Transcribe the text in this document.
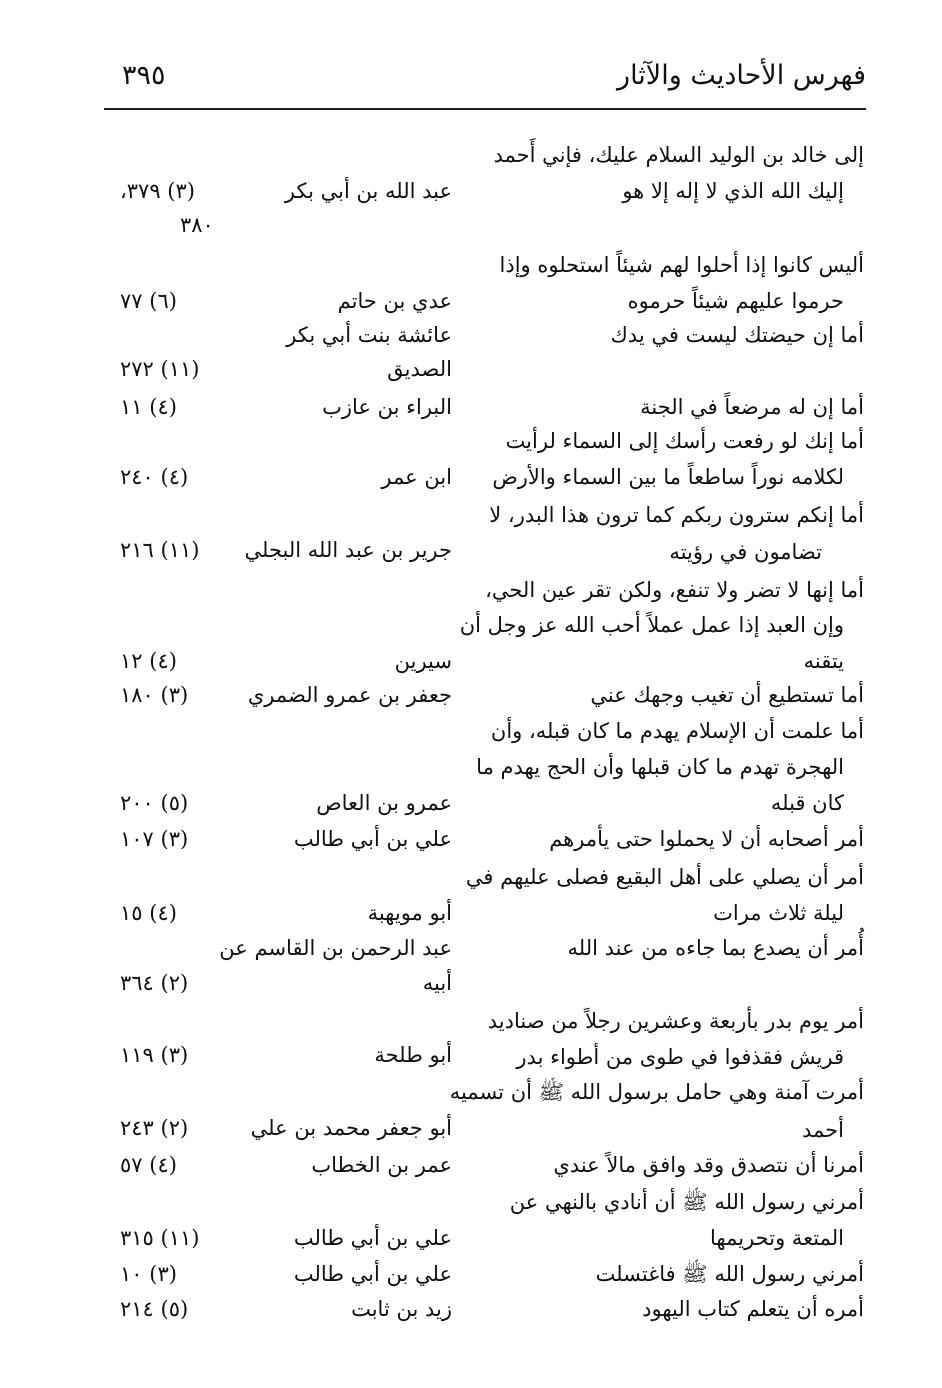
فهرس الأحاديث والآثار
٣٩٥
إلى خالد بن الوليد السلام عليك، فإني أَحمد
إليك الله الذي لا إله إلا هو
عبد الله بن أبي بكر
(٣) ٣٧٩،
٣٨٠
أليس كانوا إذا أحلوا لهم شيئاً استحلوه وإذا
حرموا عليهم شيئاً حرموه
عدي بن حاتم
(٦) ٧٧
أما إن حيضتك ليست في يدك
عائشة بنت أبي بكر
الصديق
(١١) ٢٧٢
أما إن له مرضعاً في الجنة
البراء بن عازب
(٤) ١١
أما إنك لو رفعت رأسك إلى السماء لرأيت
لكلامه نوراً ساطعاً ما بين السماء والأرض
ابن عمر
(٤) ٢٤٠
أما إنكم سترون ربكم كما ترون هذا البدر، لا
جرير بن عبد الله البجلي
(١١) ٢١٦	تضامون في رؤيته
أما إنها لا تضر ولا تنفع، ولكن تقر عين الحي،
وإن العبد إذا عمل عملاً أحب الله عز وجل أن
يتقنه
سيرين
(٤) ١٢
أما تستطيع أن تغيب وجهك عني
جعفر بن عمرو الضمري
(٣) ١٨٠
أما علمت أن الإسلام يهدم ما كان قبله، وأن
الهجرة تهدم ما كان قبلها وأن الحج يهدم ما
كان قبله
عمرو بن العاص
(٥) ٢٠٠
أمر أصحابه أن لا يحملوا حتى يأمرهم
علي بن أبي طالب
(٣) ١٠٧
أمر أن يصلي على أهل البقيع فصلى عليهم في
ليلة ثلاث مرات
أبو مويهبة
(٤) ١٥
أُمر أن يصدع بما جاءه من عند الله
عبد الرحمن بن القاسم عن
أبيه
(٢) ٣٦٤
أمر يوم بدر بأربعة وعشرين رجلاً من صناديد
قريش فقذفوا في طوى من أطواء بدر
أبو طلحة
(٣) ١١٩
أمرت آمنة وهي حامل برسول الله ﷺ أن تسميه
أحمد
أبو جعفر محمد بن علي
(٢) ٢٤٣
أمرنا أن نتصدق وقد وافق مالاً عندي
عمر بن الخطاب
(٤) ٥٧
أمرني رسول الله ﷺ أن أنادي بالنهي عن
المتعة وتحريمها
علي بن أبي طالب
(١١) ٣١٥
أمرني رسول الله ﷺ فاغتسلت
علي بن أبي طالب
(٣) ١٠
أمره أن يتعلم كتاب اليهود
زيد بن ثابت
(٥) ٢١٤
